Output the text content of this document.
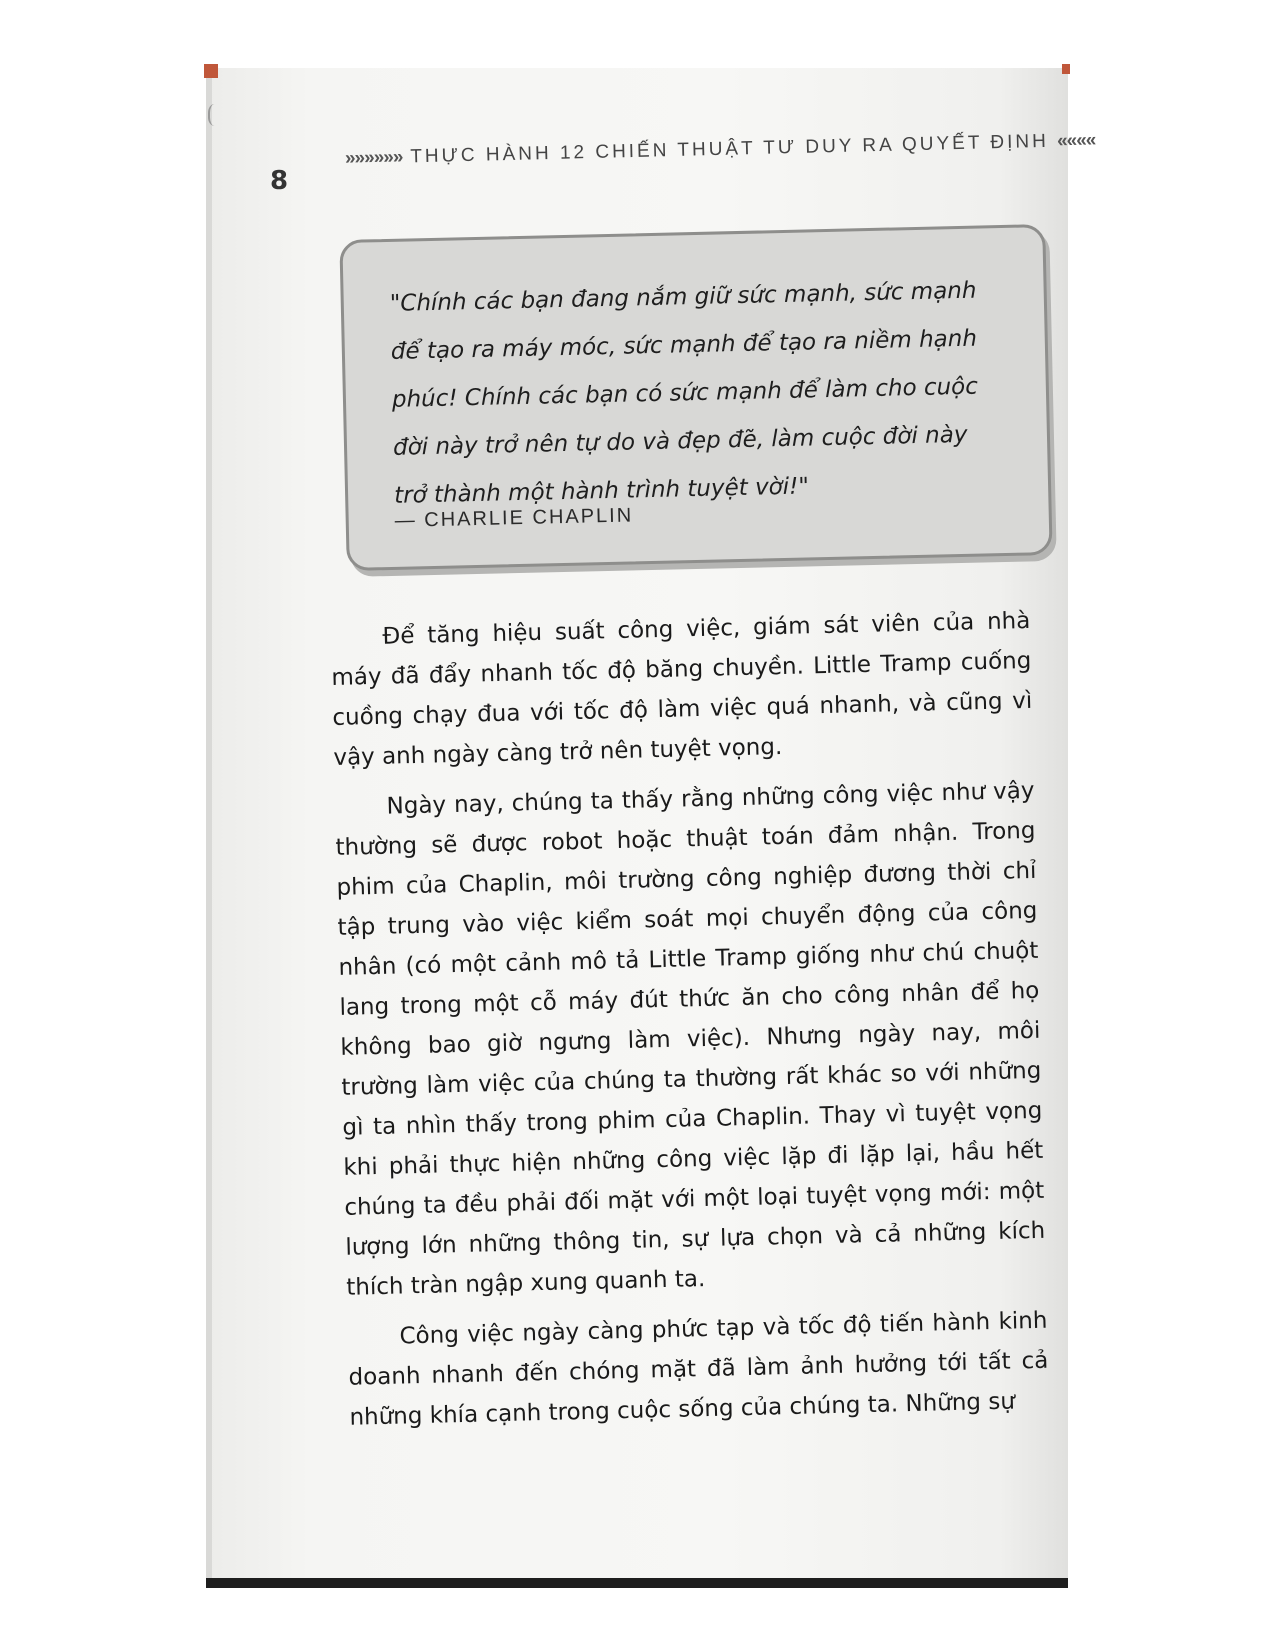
8
»»»»»» THỰC HÀNH 12 CHIẾN THUẬT TƯ DUY RA QUYẾT ĐỊNH ««««
"Chính các bạn đang nắm giữ sức mạnh, sức mạnh để tạo ra máy móc, sức mạnh để tạo ra niềm hạnh phúc! Chính các bạn có sức mạnh để làm cho cuộc đời này trở nên tự do và đẹp đẽ, làm cuộc đời này trở thành một hành trình tuyệt vời!"
— CHARLIE CHAPLIN

Để tăng hiệu suất công việc, giám sát viên của nhà máy đã đẩy nhanh tốc độ băng chuyền. Little Tramp cuống cuồng chạy đua với tốc độ làm việc quá nhanh, và cũng vì vậy anh ngày càng trở nên tuyệt vọng.

Ngày nay, chúng ta thấy rằng những công việc như vậy thường sẽ được robot hoặc thuật toán đảm nhận. Trong phim của Chaplin, môi trường công nghiệp đương thời chỉ tập trung vào việc kiểm soát mọi chuyển động của công nhân (có một cảnh mô tả Little Tramp giống như chú chuột lang trong một cỗ máy đút thức ăn cho công nhân để họ không bao giờ ngưng làm việc). Nhưng ngày nay, môi trường làm việc của chúng ta thường rất khác so với những gì ta nhìn thấy trong phim của Chaplin. Thay vì tuyệt vọng khi phải thực hiện những công việc lặp đi lặp lại, hầu hết chúng ta đều phải đối mặt với một loại tuyệt vọng mới: một lượng lớn những thông tin, sự lựa chọn và cả những kích thích tràn ngập xung quanh ta.

Công việc ngày càng phức tạp và tốc độ tiến hành kinh doanh nhanh đến chóng mặt đã làm ảnh hưởng tới tất cả những khía cạnh trong cuộc sống của chúng ta. Những sự
